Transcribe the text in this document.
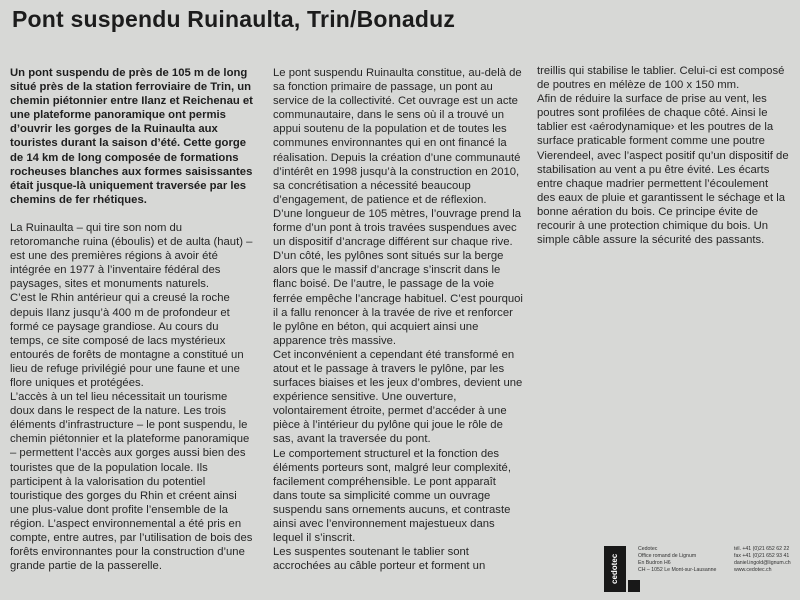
Pont suspendu Ruinaulta, Trin/Bonaduz

Un pont suspendu de près de 105 m de long situé près de la station ferroviaire de Trin, un chemin piétonnier entre Ilanz et Reichenau et une plateforme panoramique ont permis d’ouvrir les gorges de la Ruinaulta aux touristes durant la saison d’été. Cette gorge de 14 km de long composée de formations rocheuses blanches aux formes saisissantes était jusque-là uniquement traversée par les chemins de fer rhétiques.

La Ruinaulta – qui tire son nom du retoromanche ruina (éboulis) et de aulta (haut) – est une des premières régions à avoir été intégrée en 1977 à l’inventaire fédéral des paysages, sites et monuments naturels.

C’est le Rhin antérieur qui a creusé la roche depuis Ilanz jusqu’à 400 m de profondeur et formé ce paysage grandiose. Au cours du temps, ce site composé de lacs mystérieux entourés de forêts de montagne a constitué un lieu de refuge privilégié pour une faune et une flore uniques et protégées.

L’accès à un tel lieu nécessitait un tourisme doux dans le respect de la nature. Les trois éléments d’infrastructure – le pont suspendu, le chemin piétonnier et la plateforme panoramique – permettent l’accès aux gorges aussi bien des touristes que de la population locale. Ils participent à la valorisation du potentiel touristique des gorges du Rhin et créent ainsi une plus-value dont profite l’ensemble de la région. L’aspect environnemental a été pris en compte, entre autres, par l’utilisation de bois des forêts environnantes pour la construction d’une grande partie de la passerelle.

Le pont suspendu Ruinaulta constitue, au-delà de sa fonction primaire de passage, un pont au service de la collectivité. Cet ouvrage est un acte communautaire, dans le sens où il a trouvé un appui soutenu de la population et de toutes les communes environnantes qui en ont financé la réalisation. Depuis la création d’une communauté d’intérêt en 1998 jusqu’à la construction en 2010, sa concrétisation a nécessité beaucoup d’engagement, de patience et de réflexion.

D’une longueur de 105 mètres, l’ouvrage prend la forme d’un pont à trois travées suspendues avec un dispositif d’ancrage différent sur chaque rive. D’un côté, les pylônes sont situés sur la berge alors que le massif d’ancrage s’inscrit dans le flanc boisé. De l’autre, le passage de la voie ferrée empêche l’ancrage habituel. C’est pourquoi il a fallu renoncer à la travée de rive et renforcer le pylône en béton, qui acquiert ainsi une apparence très massive.

Cet inconvénient a cependant été transformé en atout et le passage à travers le pylône, par les surfaces biaises et les jeux d’ombres, devient une expérience sensitive. Une ouverture, volontairement étroite, permet d’accéder à une pièce à l’intérieur du pylône qui joue le rôle de sas, avant la traversée du pont.

Le comportement structurel et la fonction des éléments porteurs sont, malgré leur complexité, facilement compréhensible. Le pont apparaît dans toute sa simplicité comme un ouvrage suspendu sans ornements aucuns, et contraste ainsi avec l’environnement majestueux dans lequel il s’inscrit.

Les suspentes soutenant le tablier sont accrochées au câble porteur et forment un

treillis qui stabilise le tablier. Celui-ci est composé de poutres en mélèze de 100 x 150 mm.

Afin de réduire la surface de prise au vent, les poutres sont profilées de chaque côté. Ainsi le tablier est ‹aérodynamique› et les poutres de la surface praticable forment comme une poutre Vierendeel, avec l’aspect positif qu’un dispositif de stabilisation au vent a pu être évité. Les écarts entre chaque madrier permettent l’écoulement des eaux de pluie et garantissent le séchage et la bonne aération du bois. Ce principe évite de recourir à une protection chimique du bois. Un simple câble assure la sécurité des passants.

cedotec
Cedotec
Office romand de Lignum
En Budron H6
CH – 1052 Le Mont-sur-Lausanne
tél. +41 (0)21 652 62 22
fax +41 (0)21 652 93 41
daniel.ingold@lignum.ch
www.cedotec.ch
